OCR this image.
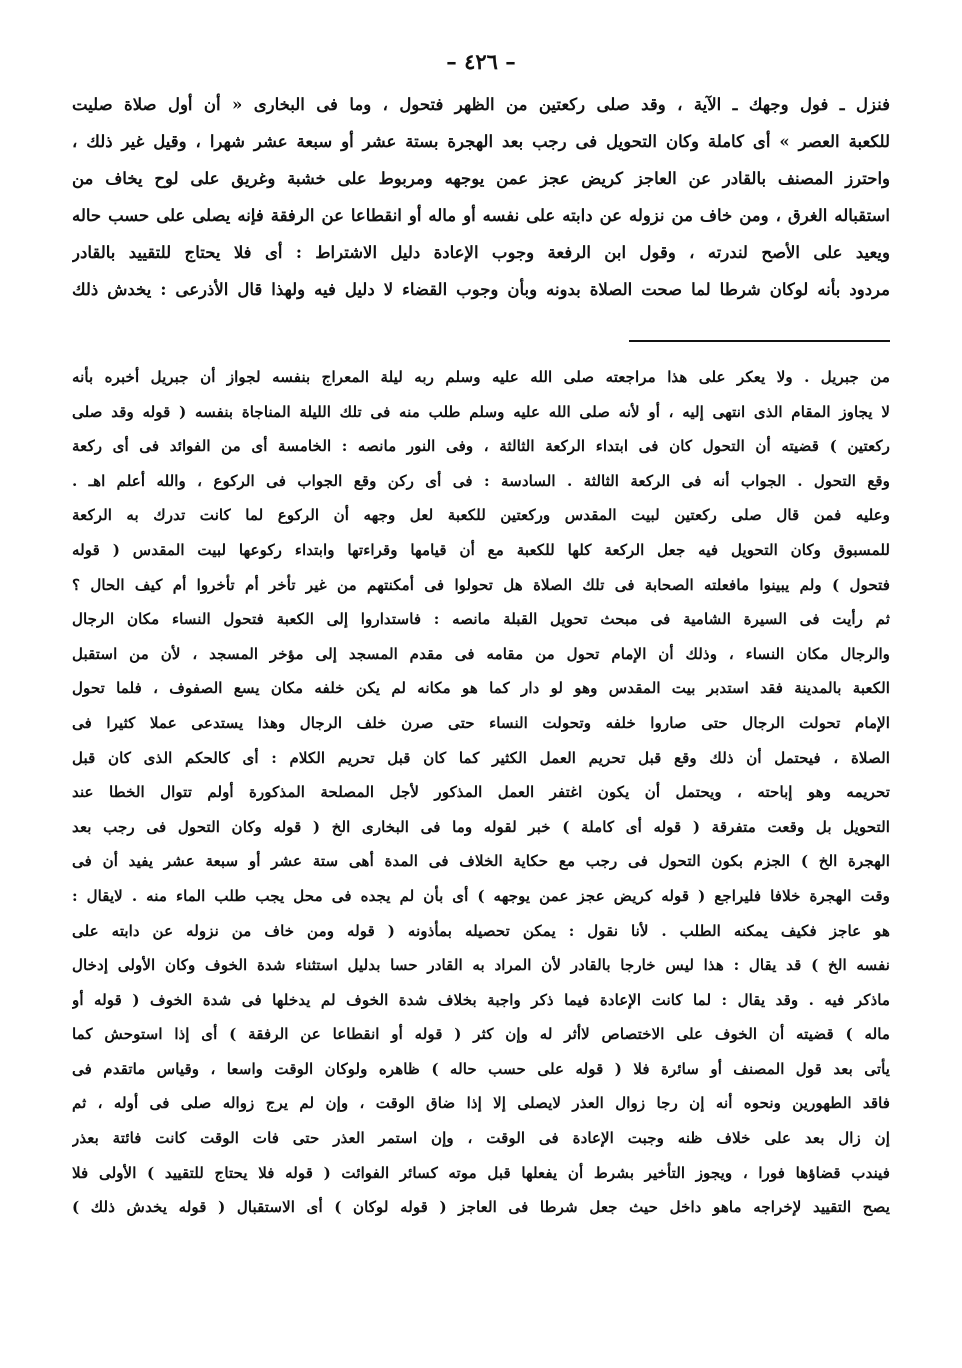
– ٤٢٦ –
فنزل ـ فول وجهك ـ الآية ، وقد صلى ركعتين من الظهر فتحول ، وما فى البخارى « أن أول صلاة صليت
للكعبة العصر » أى كاملة وكان التحويل فى رجب بعد الهجرة بستة عشر أو سبعة عشر شهرا ، وقيل غير ذلك ،
واحترز المصنف بالقادر عن العاجز كريض عجز عمن يوجهه ومربوط على خشبة وغريق على لوح يخاف من
استقباله الغرق ، ومن خاف من نزوله عن دابته على نفسه أو ماله أو انقطاعا عن الرفقة فإنه يصلى على حسب حاله
ويعيد على الأصح لندرته ، وقول ابن الرفعة وجوب الإعادة دليل الاشتراط : أى فلا يحتاج للتقييد بالقادر
مردود بأنه لوكان شرطا لما صحت الصلاة بدونه وبأن وجوب القضاء لا دليل فيه ولهذا قال الأذرعى : يخدش ذلك
من جبريل . ولا يعكر على هذا مراجعته صلى الله عليه وسلم ربه ليلة المعراج بنفسه لجواز أن جبريل أخبره بأنه
لا يجاوز المقام الذى انتهى إليه ، أو لأنه صلى الله عليه وسلم طلب منه فى تلك الليلة المناجاة بنفسه ( قوله وقد صلى
ركعتين ) قضيته أن التحول كان فى ابتداء الركعة الثالثة ، وفى النور مانصه : الخامسة أى من الفوائد فى أى ركعة
وقع التحول . الجواب أنه فى الركعة الثالثة . السادسة : فى أى ركن وقع الجواب فى الركوع ، والله أعلم اهـ .
وعليه فمن قال صلى ركعتين لبيت المقدس وركعتين للكعبة لعل وجهه أن الركوع لما كانت تدرك به الركعة
للمسبوق وكان التحويل فيه جعل الركعة كلها للكعبة مع أن قيامها وقراءتها وابتداء ركوعها لبيت المقدس ( قوله
فتحول ) ولم يبينوا مافعلته الصحابة فى تلك الصلاة هل تحولوا فى أمكنتهم من غير تأخر أم تأخروا أم كيف الحال ؟
ثم رأيت فى السيرة الشامية فى مبحث تحويل القبلة مانصه : فاستداروا إلى الكعبة فتحول النساء مكان الرجال
والرجال مكان النساء ، وذلك أن الإمام تحول من مقامه فى مقدم المسجد إلى مؤخر المسجد ، لأن من استقبل
الكعبة بالمدينة فقد استدبر بيت المقدس وهو لو دار كما هو مكانه لم يكن خلفه مكان يسع الصفوف ، فلما تحول
الإمام تحولت الرجال حتى صاروا خلفه وتحولت النساء حتى صرن خلف الرجال وهذا يستدعى عملا كثيرا فى
الصلاة ، فيحتمل أن ذلك وقع قبل تحريم العمل الكثير كما كان قبل تحريم الكلام : أى كالحكم الذى كان قبل
تحريمه وهو إباحته ، ويحتمل أن يكون اغتفر العمل المذكور لأجل المصلحة المذكورة أولم تتوال الخطا عند
التحويل بل وقعت متفرقة ( قوله أى كاملة ) خبر لقوله وما فى البخارى الخ ( قوله وكان التحول فى رجب بعد
الهجرة الخ ) الجزم بكون التحول فى رجب مع حكاية الخلاف فى المدة أهى ستة عشر أو سبعة عشر يفيد أن فى
وقت الهجرة خلافا فليراجع ( قوله كريض عجز عمن يوجهه ) أى بأن لم يجده فى محل يجب طلب الماء منه . لايقال :
هو عاجز فكيف يمكنه الطلب . لأنا نقول : يمكن تحصيله بمأذونه ( قوله ومن خاف من نزوله عن دابته على
نفسه الخ ) قد يقال : هذا ليس خارجا بالقادر لأن المراد به القادر حسا بدليل استثناء شدة الخوف وكان الأولى إدخال
ماذكر فيه . وقد يقال : لما كانت الإعادة فيما ذكر واجبة بخلاف شدة الخوف لم يدخلها فى شدة الخوف ( قوله أو
ماله ) قضيته أن الخوف على الاختصاص لاأثر له وإن كثر ( قوله أو انقطاعا عن الرفقة ) أى إذا استوحش كما
يأتى بعد قول المصنف أو سائرة فلا ( قوله على حسب حاله ) ظاهره ولوكان الوقت واسعا ، وقياس ماتقدم فى
فاقد الطهورين ونحوه أنه إن رجا زوال العذر لايصلى إلا إذا ضاق الوقت ، وإن لم يرج زواله صلى فى أوله ، ثم
إن زال بعد على خلاف ظنه وجبت الإعادة فى الوقت ، وإن استمر العذر حتى فات الوقت كانت فائتة بعذر
فيندب قضاؤها فورا ، ويجوز التأخير بشرط أن يفعلها قبل موته كسائر الفوائت ( قوله فلا يحتاج للتقييد ) الأولى فلا
يصح التقييد لإخراجه ماهو داخل حيث جعل شرطا فى العاجز ( قوله لوكان ) أى الاستقبال ( قوله يخدش ذلك )
